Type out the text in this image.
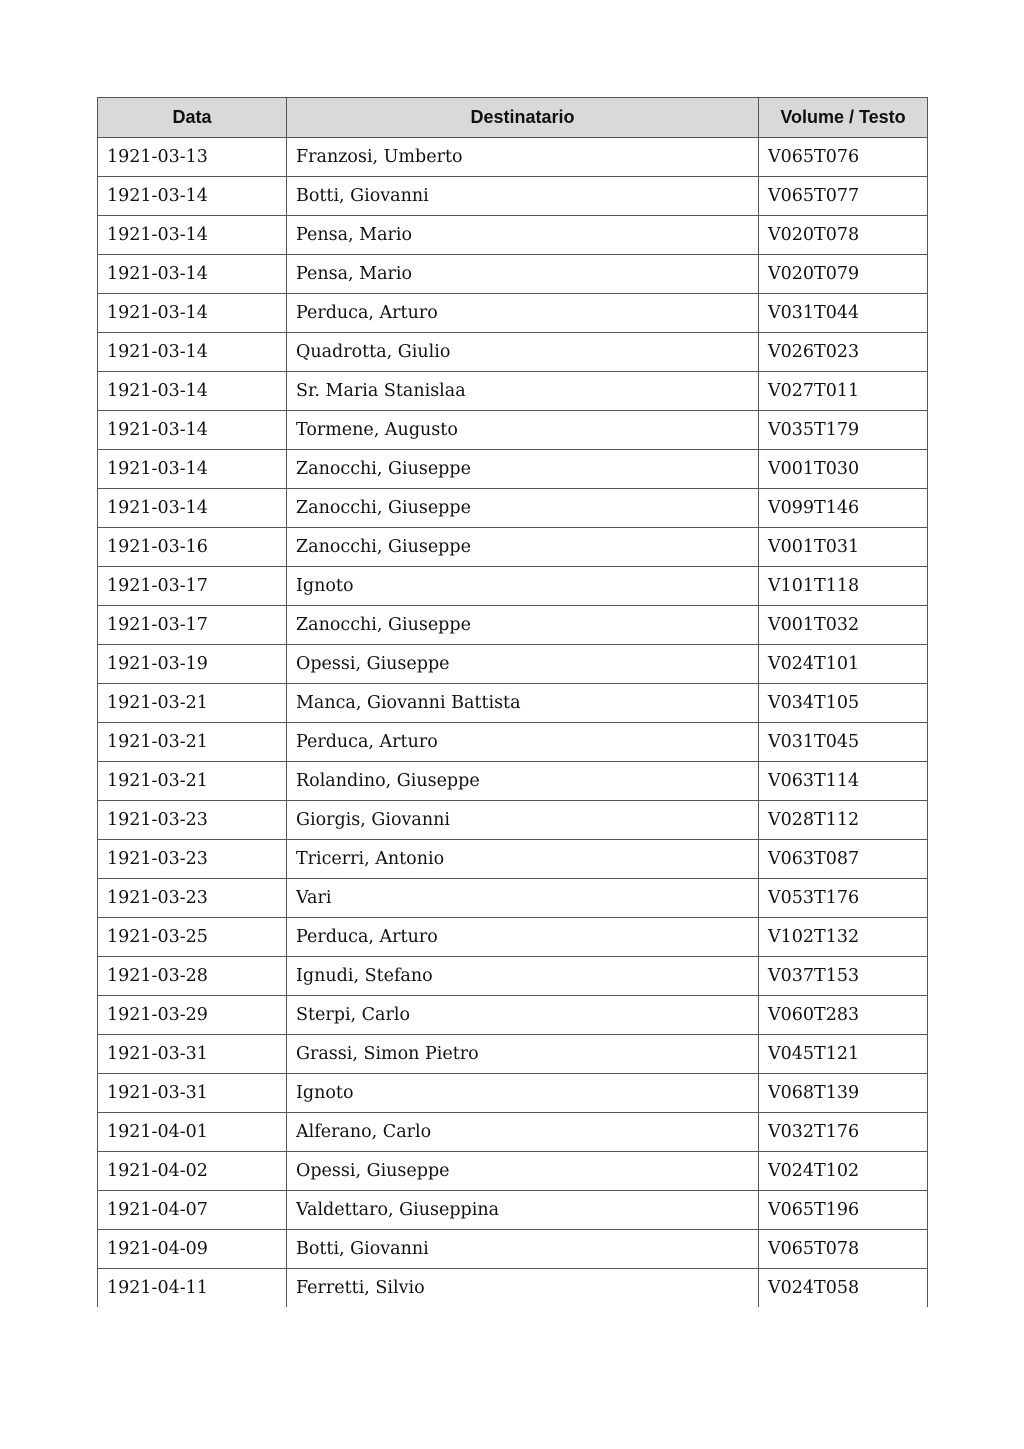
Data	Destinatario	Volume / Testo
1921-03-13	Franzosi, Umberto	V065T076
1921-03-14	Botti, Giovanni	V065T077
1921-03-14	Pensa, Mario	V020T078
1921-03-14	Pensa, Mario	V020T079
1921-03-14	Perduca, Arturo	V031T044
1921-03-14	Quadrotta, Giulio	V026T023
1921-03-14	Sr. Maria Stanislaa	V027T011
1921-03-14	Tormene, Augusto	V035T179
1921-03-14	Zanocchi, Giuseppe	V001T030
1921-03-14	Zanocchi, Giuseppe	V099T146
1921-03-16	Zanocchi, Giuseppe	V001T031
1921-03-17	Ignoto	V101T118
1921-03-17	Zanocchi, Giuseppe	V001T032
1921-03-19	Opessi, Giuseppe	V024T101
1921-03-21	Manca, Giovanni Battista	V034T105
1921-03-21	Perduca, Arturo	V031T045
1921-03-21	Rolandino, Giuseppe	V063T114
1921-03-23	Giorgis, Giovanni	V028T112
1921-03-23	Tricerri, Antonio	V063T087
1921-03-23	Vari	V053T176
1921-03-25	Perduca, Arturo	V102T132
1921-03-28	Ignudi, Stefano	V037T153
1921-03-29	Sterpi, Carlo	V060T283
1921-03-31	Grassi, Simon Pietro	V045T121
1921-03-31	Ignoto	V068T139
1921-04-01	Alferano, Carlo	V032T176
1921-04-02	Opessi, Giuseppe	V024T102
1921-04-07	Valdettaro, Giuseppina	V065T196
1921-04-09	Botti, Giovanni	V065T078
1921-04-11	Ferretti, Silvio	V024T058
